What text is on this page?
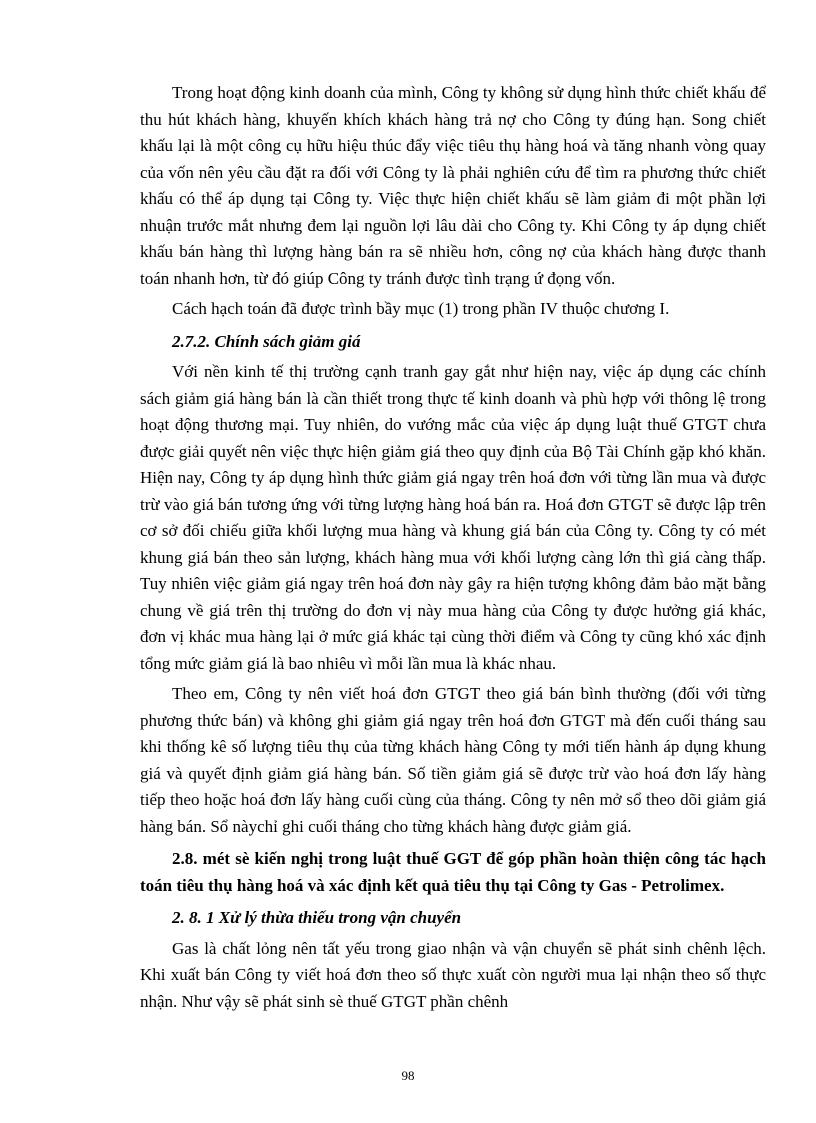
Trong hoạt động kinh doanh của mình, Công ty không sử dụng hình thức chiết khấu để thu hút khách hàng, khuyến khích khách hàng trả nợ cho Công ty đúng hạn. Song chiết khấu lại là một công cụ hữu hiệu thúc đẩy việc tiêu thụ hàng hoá và tăng nhanh vòng quay của vốn nên yêu cầu đặt ra đối với Công ty là phải nghiên cứu để tìm ra phương thức chiết khấu có thể áp dụng tại Công ty. Việc thực hiện chiết khấu sẽ làm giảm đi một phần lợi nhuận trước mắt nhưng đem lại nguồn lợi lâu dài cho Công ty. Khi Công ty áp dụng chiết khấu bán hàng thì lượng hàng bán ra sẽ nhiều hơn, công nợ của khách hàng được thanh toán nhanh hơn, từ đó giúp Công ty tránh được tình trạng ứ đọng vốn.

Cách hạch toán đã được trình bầy mục (1) trong phần IV thuộc chương I.

2.7.2. Chính sách giảm giá

Với nền kinh tế thị trường cạnh tranh gay gắt như hiện nay, việc áp dụng các chính sách giảm giá hàng bán là cần thiết trong thực tế kinh doanh và phù hợp với thông lệ trong hoạt động thương mại. Tuy nhiên, do vướng mắc của việc áp dụng luật thuế GTGT chưa được giải quyết nên việc thực hiện giảm giá theo quy định của Bộ Tài Chính gặp khó khăn. Hiện nay, Công ty áp dụng hình thức giảm giá ngay trên hoá đơn với từng lần mua và được trừ vào giá bán tương ứng với từng lượng hàng hoá bán ra. Hoá đơn GTGT sẽ được lập trên cơ sở đối chiếu giữa khối lượng mua hàng và khung giá bán của Công ty. Công ty có mét khung giá bán theo sản lượng, khách hàng mua với khối lượng càng lớn thì giá càng thấp. Tuy nhiên việc giảm giá ngay trên hoá đơn này gây ra hiện tượng không đảm bảo mặt bằng chung về giá trên thị trường do đơn vị này mua hàng của Công ty được hưởng giá khác, đơn vị khác mua hàng lại ở mức giá khác tại cùng thời điểm và Công ty cũng khó xác định tổng mức giảm giá là bao nhiêu vì mỗi lần mua là khác nhau.

Theo em, Công ty nên viết hoá đơn GTGT theo giá bán bình thường (đối với từng phương thức bán) và không ghi giảm giá ngay trên hoá đơn GTGT mà đến cuối tháng sau khi thống kê số lượng tiêu thụ của từng khách hàng Công ty mới tiến hành áp dụng khung giá và quyết định giảm giá hàng bán. Số tiền giảm giá sẽ được trừ vào hoá đơn lấy hàng tiếp theo hoặc hoá đơn lấy hàng cuối cùng của tháng. Công ty nên mở sổ theo dõi giảm giá hàng bán. Sổ nàychỉ ghi cuối tháng cho từng khách hàng được giảm giá.

2.8. mét sè kiến nghị trong luật thuế GGT để góp phần hoàn thiện công tác hạch toán tiêu thụ hàng hoá và xác định kết quả tiêu thụ tại Công ty Gas - Petrolimex.
2. 8. 1 Xử lý thừa thiếu trong vận chuyển

Gas là chất lỏng nên tất yếu trong giao nhận và vận chuyển sẽ phát sinh chênh lệch. Khi xuất bán Công ty viết hoá đơn theo số thực xuất còn người mua lại nhận theo số thực nhận. Như vậy sẽ phát sinh sè thuế GTGT phần chênh

98
